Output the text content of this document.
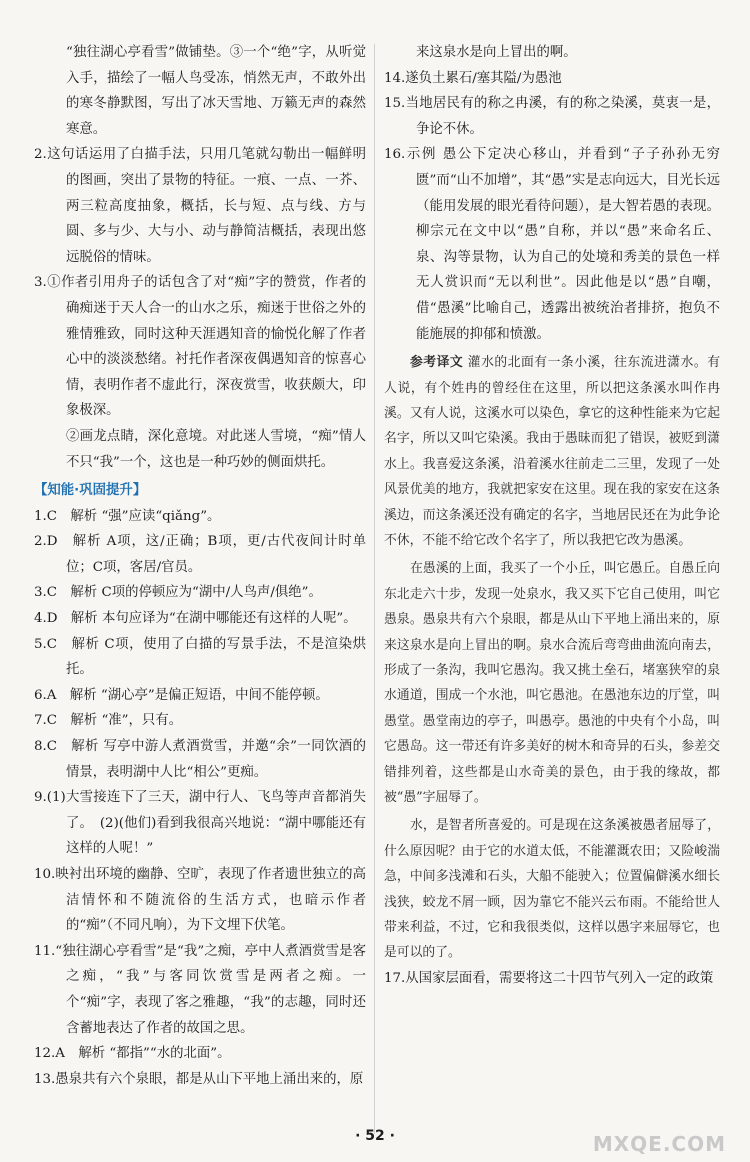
“独往湖心亭看雪”做铺垫。③一个“绝”字，从听觉入手，描绘了一幅人鸟受冻，悄然无声，不敢外出的寒冬静默图，写出了冰天雪地、万籁无声的森然寒意。

2.这句话运用了白描手法，只用几笔就勾勒出一幅鲜明的图画，突出了景物的特征。一痕、一点、一芥、两三粒高度抽象，概括，长与短、点与线、方与圆、多与少、大与小、动与静简洁概括，表现出悠远脱俗的情味。

3.①作者引用舟子的话包含了对“痴”字的赞赏，作者的确痴迷于天人合一的山水之乐，痴迷于世俗之外的雅情雅致，同时这种天涯遇知音的愉悦化解了作者心中的淡淡愁绪。衬托作者深夜偶遇知音的惊喜心情，表明作者不虚此行，深夜赏雪，收获颇大，印象极深。

②画龙点睛，深化意境。对此迷人雪境，“痴”情人不只“我”一个，这也是一种巧妙的侧面烘托。

【知能·巩固提升】

1.C　解析 “强”应读“qiǎng”。

2.D　解析 A项，这/正确；B项，更/古代夜间计时单位；C项，客居/官员。

3.C　解析 C项的停顿应为“湖中/人鸟声/俱绝”。

4.D　解析 本句应译为“在湖中哪能还有这样的人呢”。

5.C　解析 C项，使用了白描的写景手法，不是渲染烘托。

6.A　解析 “湖心亭”是偏正短语，中间不能停顿。

7.C　解析 “准”，只有。

8.C　解析 写亭中游人煮酒赏雪，并邀“余”一同饮酒的情景，表明湖中人比“相公”更痴。

9.(1)大雪接连下了三天，湖中行人、飞鸟等声音都消失了。　(2)(他们)看到我很高兴地说：“湖中哪能还有这样的人呢！”

10.映衬出环境的幽静、空旷，表现了作者遗世独立的高洁情怀和不随流俗的生活方式，也暗示作者的“痴”（不同凡响），为下文埋下伏笔。

11.“独往湖心亭看雪”是“我”之痴，亭中人煮酒赏雪是客之痴，“我”与客同饮赏雪是两者之痴。一个“痴”字，表现了客之雅趣，“我”的志趣，同时还含蓄地表达了作者的故国之思。

12.A　解析 “都指”“水的北面”。

13.愚泉共有六个泉眼，都是从山下平地上涌出来的，原

来这泉水是向上冒出的啊。

14.遂负土累石/塞其隘/为愚池

15.当地居民有的称之冉溪，有的称之染溪，莫衷一是，争论不休。

16.示例 愚公下定决心移山，并看到“子子孙孙无穷匮”而“山不加增”，其“愚”实是志向远大，目光长远（能用发展的眼光看待问题），是大智若愚的表现。柳宗元在文中以“愚”自称，并以“愚”来命名丘、泉、沟等景物，认为自己的处境和秀美的景色一样无人赏识而“无以利世”。因此他是以“愚”自嘲，借“愚溪”比喻自己，透露出被统治者排挤，抱负不能施展的抑郁和愤激。

参考译文 灌水的北面有一条小溪，往东流进潇水。有人说，有个姓冉的曾经住在这里，所以把这条溪水叫作冉溪。又有人说，这溪水可以染色，拿它的这种性能来为它起名字，所以又叫它染溪。我由于愚昧而犯了错误，被贬到潇水上。我喜爱这条溪，沿着溪水往前走二三里，发现了一处风景优美的地方，我就把家安在这里。现在我的家安在这条溪边，而这条溪还没有确定的名字，当地居民还在为此争论不休，不能不给它改个名字了，所以我把它改为愚溪。

在愚溪的上面，我买了一个小丘，叫它愚丘。自愚丘向东北走六十步，发现一处泉水，我又买下它自己使用，叫它愚泉。愚泉共有六个泉眼，都是从山下平地上涌出来的，原来这泉水是向上冒出的啊。泉水合流后弯弯曲曲流向南去，形成了一条沟，我叫它愚沟。我又挑土垒石，堵塞狭窄的泉水通道，围成一个水池，叫它愚池。在愚池东边的厅堂，叫愚堂。愚堂南边的亭子，叫愚亭。愚池的中央有个小岛，叫它愚岛。这一带还有许多美好的树木和奇异的石头，参差交错排列着，这些都是山水奇美的景色，由于我的缘故，都被“愚”字屈辱了。

水，是智者所喜爱的。可是现在这条溪被愚者屈辱了，什么原因呢？由于它的水道太低，不能灌溉农田；又险峻湍急，中间多浅滩和石头，大船不能驶入；位置偏僻溪水细长浅狭，蛟龙不屑一顾，因为靠它不能兴云布雨。不能给世人带来利益，不过，它和我很类似，这样以愚字来屈辱它，也是可以的了。

17.从国家层面看，需要将这二十四节气列入一定的政策

· 52 ·	MXQE.COM
